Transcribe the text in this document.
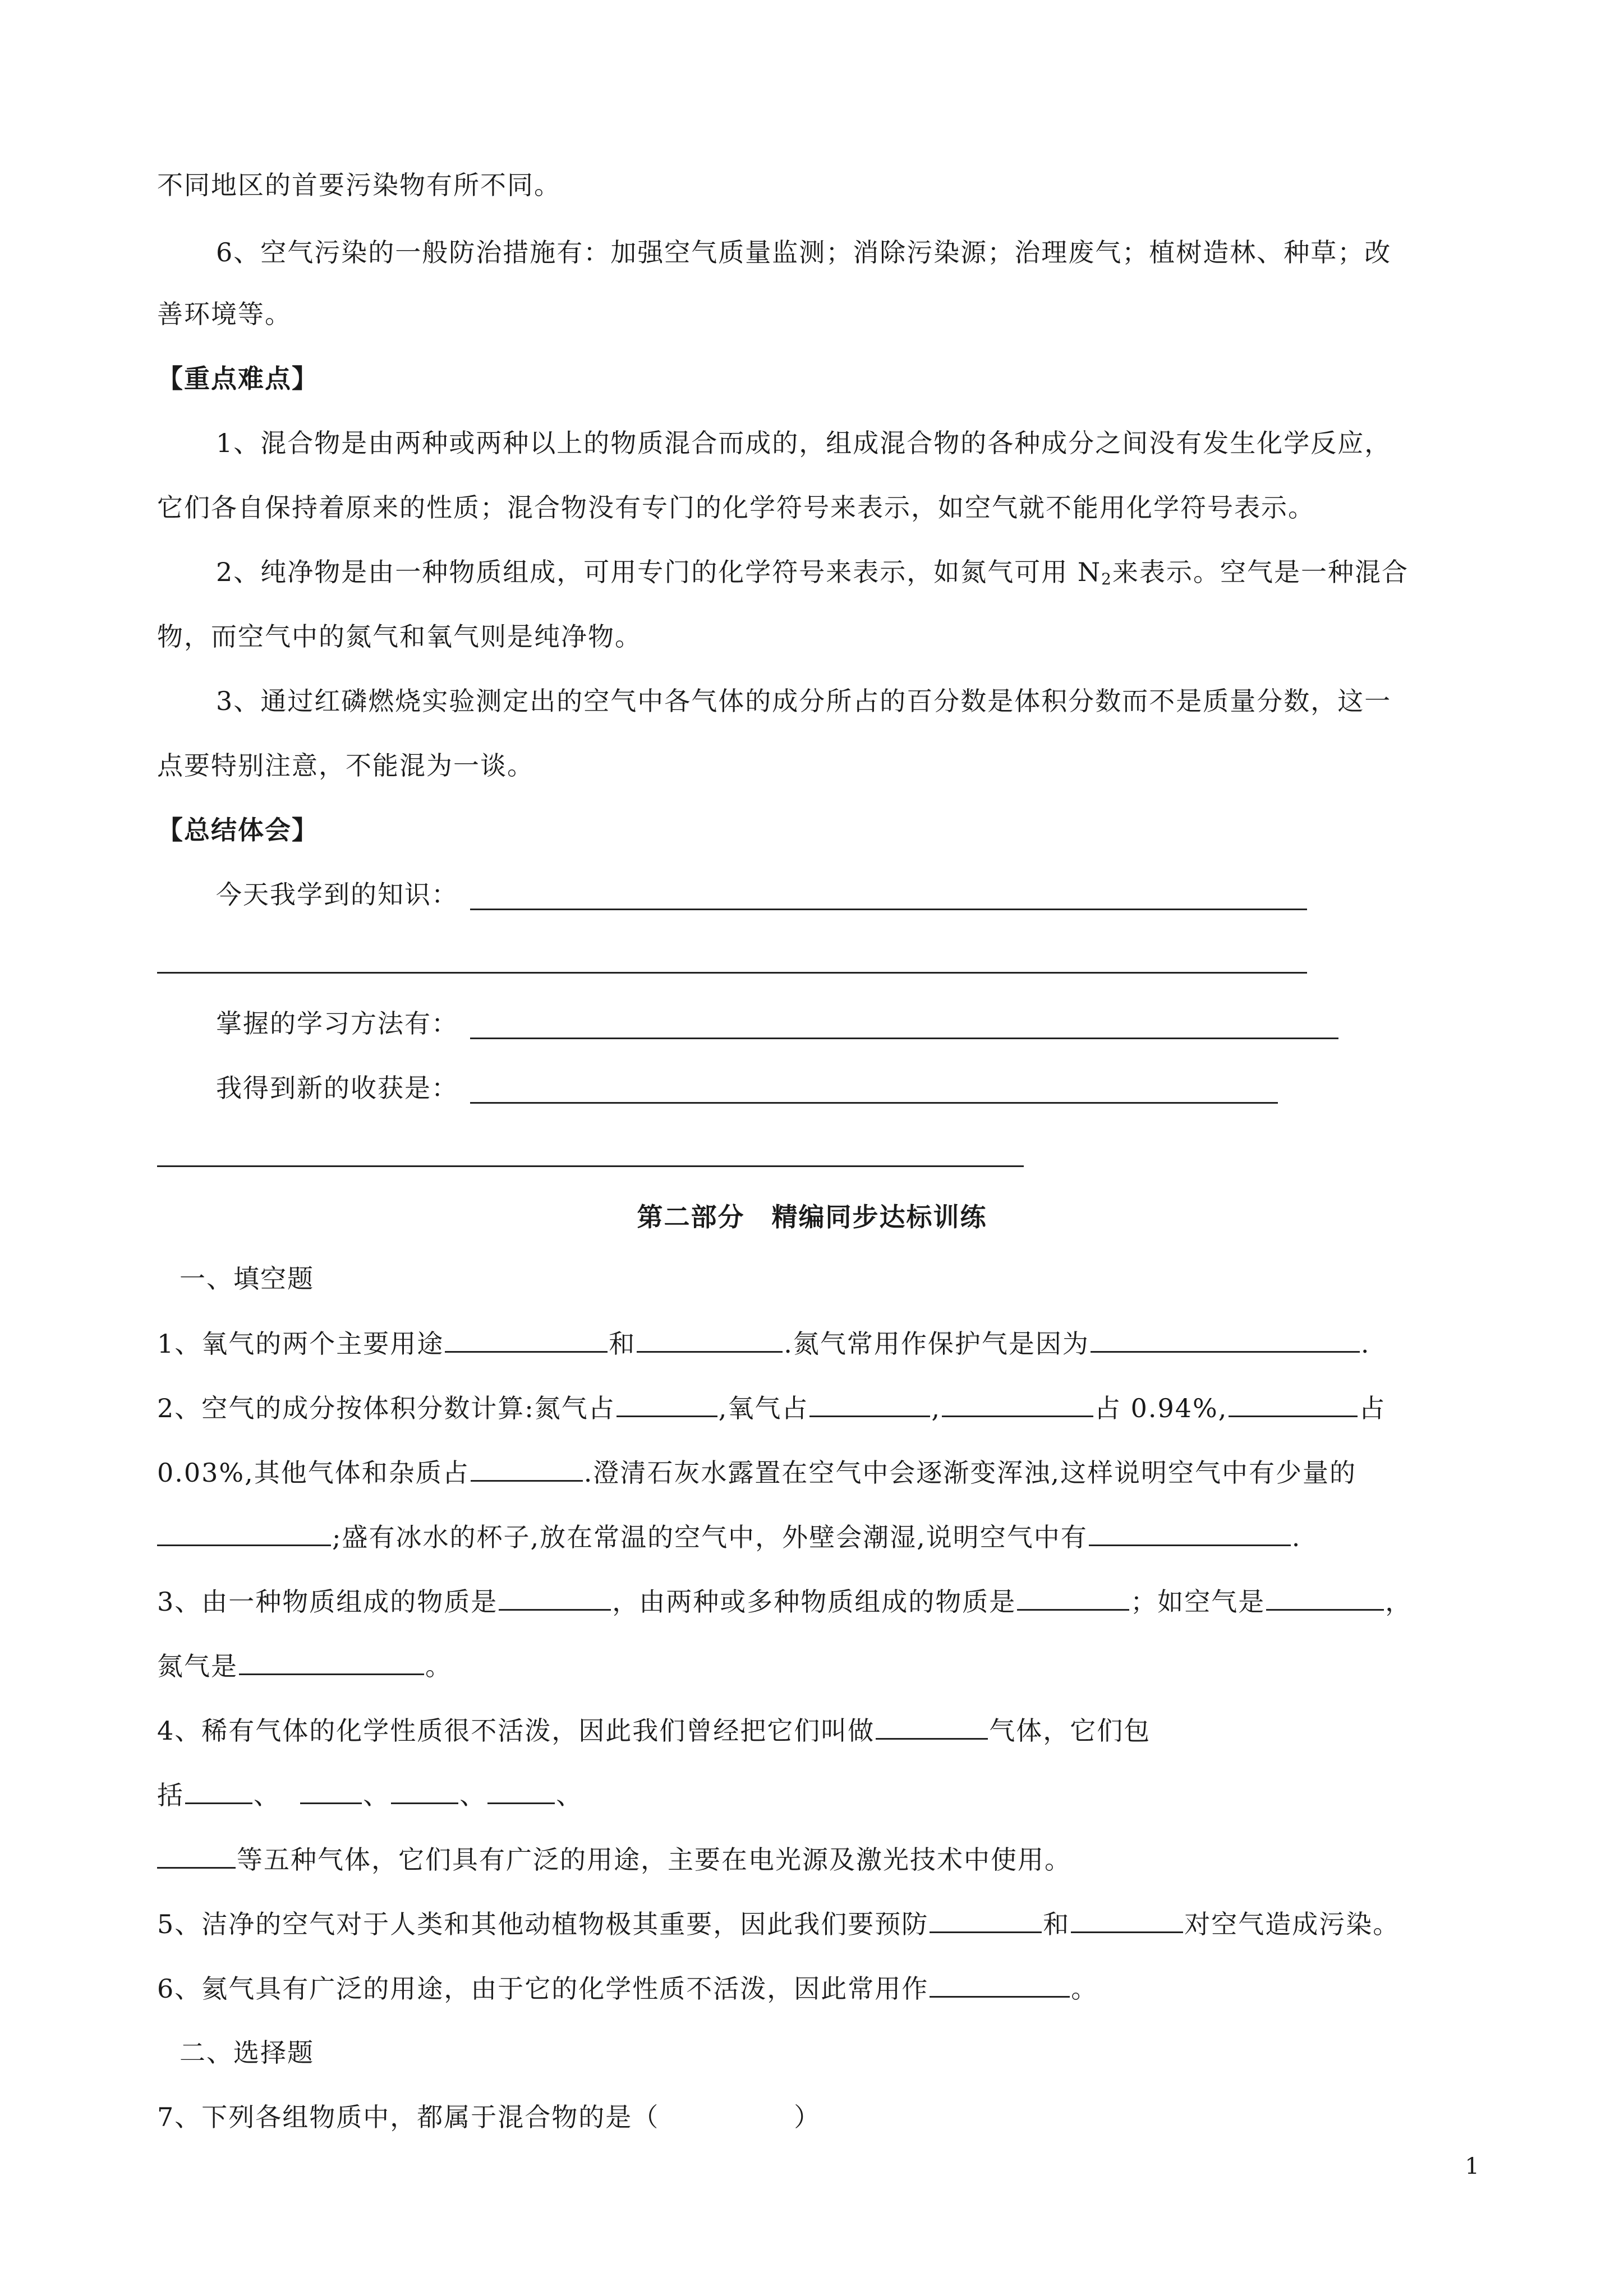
不同地区的首要污染物有所不同。
6、空气污染的一般防治措施有：加强空气质量监测；消除污染源；治理废气；植树造林、种草；改
善环境等。
【重点难点】
1、混合物是由两种或两种以上的物质混合而成的，组成混合物的各种成分之间没有发生化学反应，
它们各自保持着原来的性质；混合物没有专门的化学符号来表示，如空气就不能用化学符号表示。
2、纯净物是由一种物质组成，可用专门的化学符号来表示，如氮气可用 $N_2$来表示。空气是一种混合
物，而空气中的氮气和氧气则是纯净物。
3、通过红磷燃烧实验测定出的空气中各气体的成分所占的百分数是体积分数而不是质量分数，这一
点要特别注意，不能混为一谈。
【总结体会】
今天我学到的知识：
掌握的学习方法有：
我得到新的收获是：
第二部分　精编同步达标训练
一、填空题
1、氧气的两个主要用途	和	.氮气常用作保护气是因为	.
2、空气的成分按体积分数计算:氮气占	,氧气占	,	占 0.94%,	占
0.03%,其他气体和杂质占	.澄清石灰水露置在空气中会逐渐变浑浊,这样说明空气中有少量的
;盛有冰水的杯子,放在常温的空气中，外壁会潮湿,说明空气中有	.
3、由一种物质组成的物质是	，由两种或多种物质组成的物质是	；如空气是	，
氮气是	。
4、稀有气体的化学性质很不活泼，因此我们曾经把它们叫做	气体，它们包
括	、	、	、	、
等五种气体，它们具有广泛的用途，主要在电光源及激光技术中使用。
5、洁净的空气对于人类和其他动植物极其重要，因此我们要预防	和	对空气造成污染。
6、氦气具有广泛的用途，由于它的化学性质不活泼，因此常用作	。
二、选择题
7、下列各组物质中，都属于混合物的是（	）
1
